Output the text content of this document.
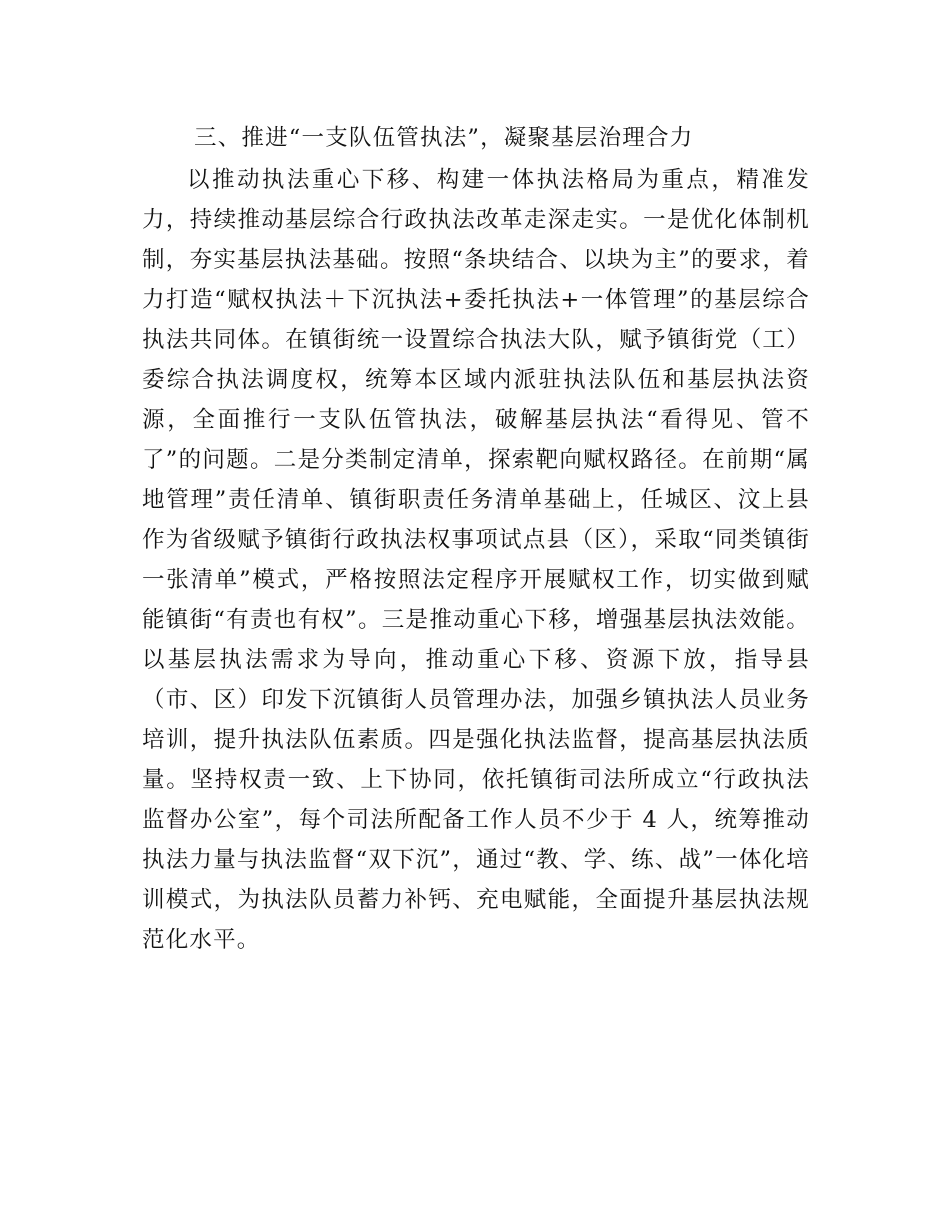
三、推进“一支队伍管执法”，凝聚基层治理合力

以推动执法重心下移、构建一体执法格局为重点，精准发力，持续推动基层综合行政执法改革走深走实。一是优化体制机制，夯实基层执法基础。按照“条块结合、以块为主”的要求，着力打造“赋权执法＋下沉执法+委托执法+一体管理”的基层综合执法共同体。在镇街统一设置综合执法大队，赋予镇街党（工）委综合执法调度权，统筹本区域内派驻执法队伍和基层执法资源，全面推行一支队伍管执法，破解基层执法“看得见、管不了”的问题。二是分类制定清单，探索靶向赋权路径。在前期“属地管理”责任清单、镇街职责任务清单基础上，任城区、汶上县作为省级赋予镇街行政执法权事项试点县（区），采取“同类镇街一张清单”模式，严格按照法定程序开展赋权工作，切实做到赋能镇街“有责也有权”。三是推动重心下移，增强基层执法效能。以基层执法需求为导向，推动重心下移、资源下放，指导县（市、区）印发下沉镇街人员管理办法，加强乡镇执法人员业务培训，提升执法队伍素质。四是强化执法监督，提高基层执法质量。坚持权责一致、上下协同，依托镇街司法所成立“行政执法监督办公室”，每个司法所配备工作人员不少于 4 人，统筹推动执法力量与执法监督“双下沉”，通过“教、学、练、战”一体化培训模式，为执法队员蓄力补钙、充电赋能，全面提升基层执法规范化水平。
